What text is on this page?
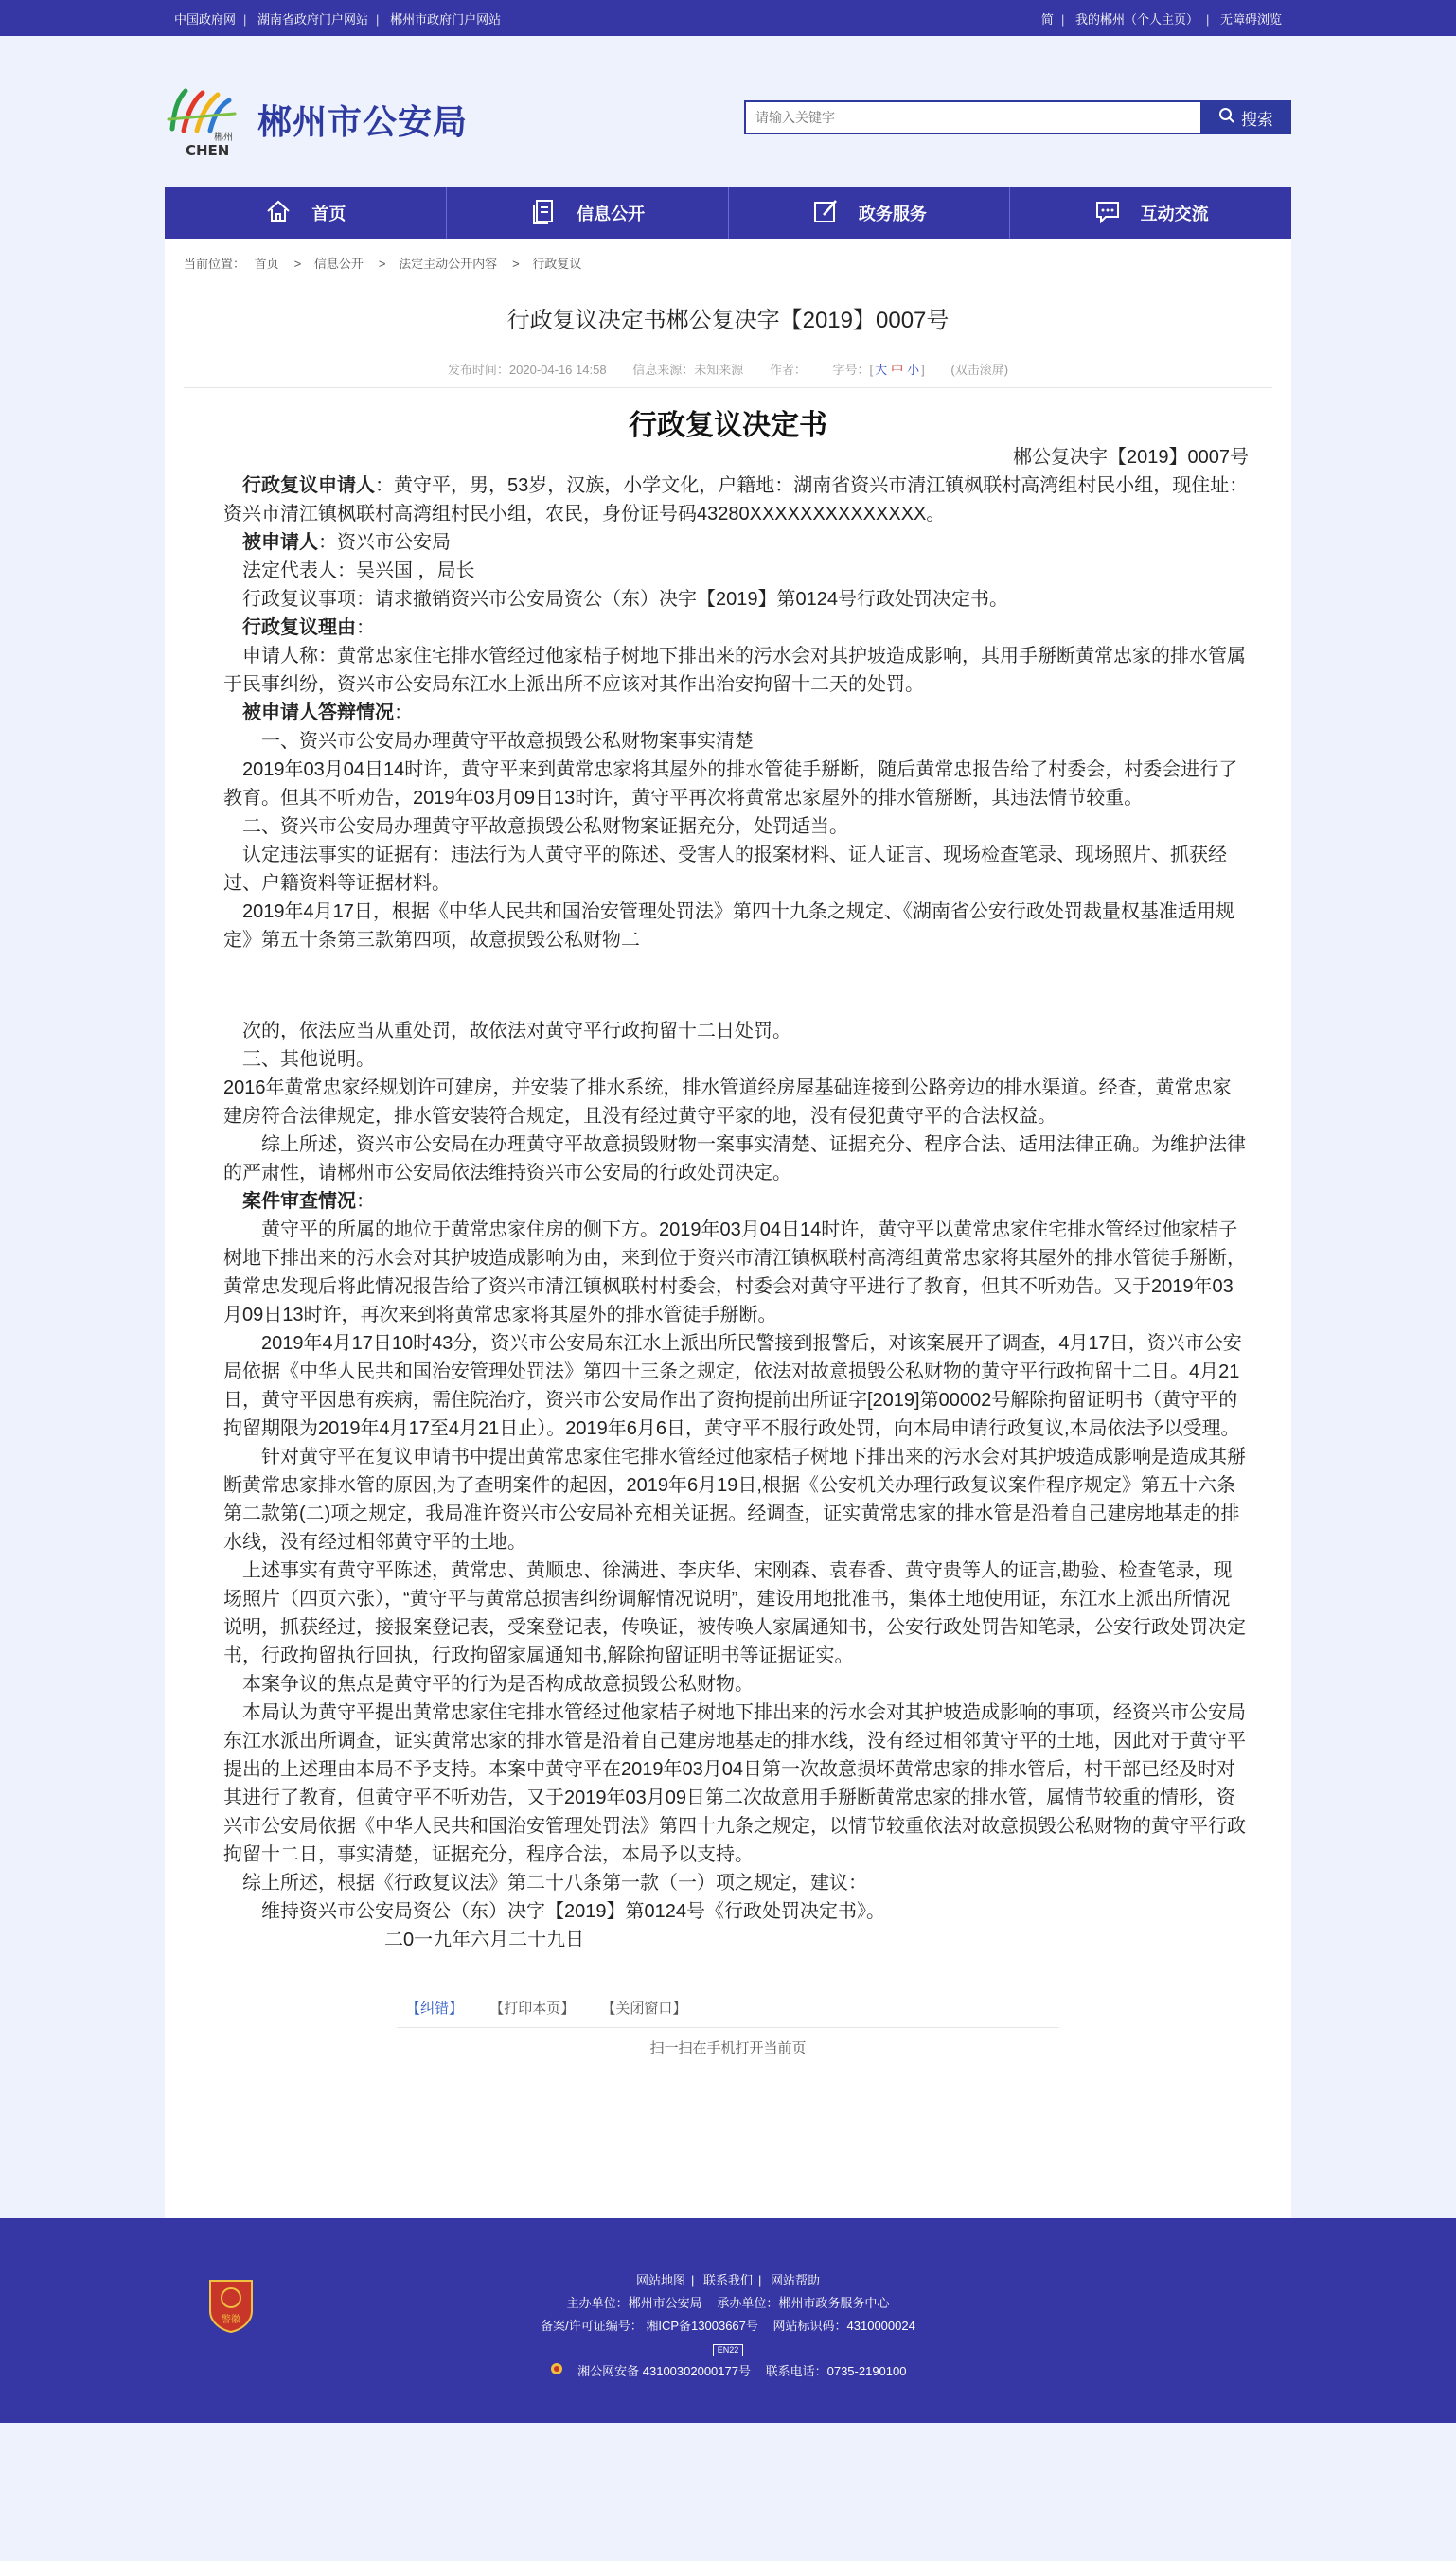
中国政府网 | 湖南省政府门户网站 | 郴州市政府门户网站	简 | 我的郴州（个人主页） | 无障碍浏览
郴州
CHEN
郴州市公安局
请输入关键字	搜索
首页	信息公开	政务服务	互动交流
当前位置： 首页 > 信息公开 > 法定主动公开内容 > 行政复议
行政复议决定书郴公复决字【2019】0007号
发布时间：2020-04-16 14:58 信息来源：未知来源 作者： 字号：[ 大 中 小 ] (双击滚屏)
行政复议决定书

郴公复决字【2019】0007号

　行政复议申请人：黄守平，男，53岁，汉族，小学文化，户籍地：湖南省资兴市清江镇枫联村高湾组村民小组，现住址：资兴市清江镇枫联村高湾组村民小组，农民，身份证号码43280XXXXXXXXXXXXXX。

　被申请人：资兴市公安局

　法定代表人：吴兴国 ，局长

　行政复议事项：请求撤销资兴市公安局资公（东）决字【2019】第0124号行政处罚决定书。

　行政复议理由：

　申请人称：黄常忠家住宅排水管经过他家桔子树地下排出来的污水会对其护坡造成影响，其用手掰断黄常忠家的排水管属于民事纠纷，资兴市公安局东江水上派出所不应该对其作出治安拘留十二天的处罚。

　被申请人答辩情况：

　　一、资兴市公安局办理黄守平故意损毁公私财物案事实清楚

　2019年03月04日14时许，黄守平来到黄常忠家将其屋外的排水管徒手掰断，随后黄常忠报告给了村委会，村委会进行了教育。但其不听劝告，2019年03月09日13时许，黄守平再次将黄常忠家屋外的排水管掰断，其违法情节较重。

　二、资兴市公安局办理黄守平故意损毁公私财物案证据充分，处罚适当。

　认定违法事实的证据有：违法行为人黄守平的陈述、受害人的报案材料、证人证言、现场检查笔录、现场照片、抓获经过、户籍资料等证据材料。

　2019年4月17日，根据《中华人民共和国治安管理处罚法》第四十九条之规定、《湖南省公安行政处罚裁量权基准适用规定》第五十条第三款第四项，故意损毁公私财物二

　次的，依法应当从重处罚，故依法对黄守平行政拘留十二日处罚。

　三、其他说明。

2016年黄常忠家经规划许可建房，并安装了排水系统，排水管道经房屋基础连接到公路旁边的排水渠道。经查，黄常忠家建房符合法律规定，排水管安装符合规定，且没有经过黄守平家的地，没有侵犯黄守平的合法权益。

　　综上所述，资兴市公安局在办理黄守平故意损毁财物一案事实清楚、证据充分、程序合法、适用法律正确。为维护法律的严肃性，请郴州市公安局依法维持资兴市公安局的行政处罚决定。

　案件审查情况：

　　黄守平的所属的地位于黄常忠家住房的侧下方。2019年03月04日14时许，黄守平以黄常忠家住宅排水管经过他家桔子树地下排出来的污水会对其护坡造成影响为由，来到位于资兴市清江镇枫联村高湾组黄常忠家将其屋外的排水管徒手掰断，黄常忠发现后将此情况报告给了资兴市清江镇枫联村村委会，村委会对黄守平进行了教育，但其不听劝告。又于2019年03月09日13时许，再次来到将黄常忠家将其屋外的排水管徒手掰断。

　　2019年4月17日10时43分，资兴市公安局东江水上派出所民警接到报警后，对该案展开了调查，4月17日，资兴市公安局依据《中华人民共和国治安管理处罚法》第四十三条之规定，依法对故意损毁公私财物的黄守平行政拘留十二日。4月21日，黄守平因患有疾病，需住院治疗，资兴市公安局作出了资拘提前出所证字[2019]第00002号解除拘留证明书（黄守平的拘留期限为2019年4月17至4月21日止）。2019年6月6日，黄守平不服行政处罚，向本局申请行政复议,本局依法予以受理。

　　针对黄守平在复议申请书中提出黄常忠家住宅排水管经过他家桔子树地下排出来的污水会对其护坡造成影响是造成其掰断黄常忠家排水管的原因,为了查明案件的起因，2019年6月19日,根据《公安机关办理行政复议案件程序规定》第五十六条第二款第(二)项之规定，我局准许资兴市公安局补充相关证据。经调查，证实黄常忠家的排水管是沿着自己建房地基走的排水线，没有经过相邻黄守平的土地。

　上述事实有黄守平陈述，黄常忠、黄顺忠、徐满进、李庆华、宋刚森、袁春香、黄守贵等人的证言,勘验、检查笔录，现场照片（四页六张），“黄守平与黄常总损害纠纷调解情况说明”，建设用地批准书，集体土地使用证，东江水上派出所情况说明，抓获经过，接报案登记表，受案登记表，传唤证，被传唤人家属通知书，公安行政处罚告知笔录，公安行政处罚决定书，行政拘留执行回执，行政拘留家属通知书,解除拘留证明书等证据证实。

　本案争议的焦点是黄守平的行为是否构成故意损毁公私财物。

　本局认为黄守平提出黄常忠家住宅排水管经过他家桔子树地下排出来的污水会对其护坡造成影响的事项，经资兴市公安局东江水派出所调查，证实黄常忠家的排水管是沿着自己建房地基走的排水线，没有经过相邻黄守平的土地，因此对于黄守平提出的上述理由本局不予支持。本案中黄守平在2019年03月04日第一次故意损坏黄常忠家的排水管后，村干部已经及时对其进行了教育，但黄守平不听劝告，又于2019年03月09日第二次故意用手掰断黄常忠家的排水管，属情节较重的情形，资兴市公安局依据《中华人民共和国治安管理处罚法》第四十九条之规定，以情节较重依法对故意损毁公私财物的黄守平行政拘留十二日，事实清楚，证据充分，程序合法，本局予以支持。

　综上所述，根据《行政复议法》第二十八条第一款（一）项之规定，建议：

　　维持资兴市公安局资公（东）决字【2019】第0124号《行政处罚决定书》。

二0一九年六月二十九日

【纠错】 【打印本页】 【关闭窗口】
扫一扫在手机打开当前页
警徽
网站地图 | 联系我们 | 网站帮助
主办单位：郴州市公安局 承办单位：郴州市政务服务中心
备案/许可证编号： 湘ICP备13003667号 网站标识码：4310000024
EN22
湘公网安备 43100302000177号 联系电话：0735-2190100
